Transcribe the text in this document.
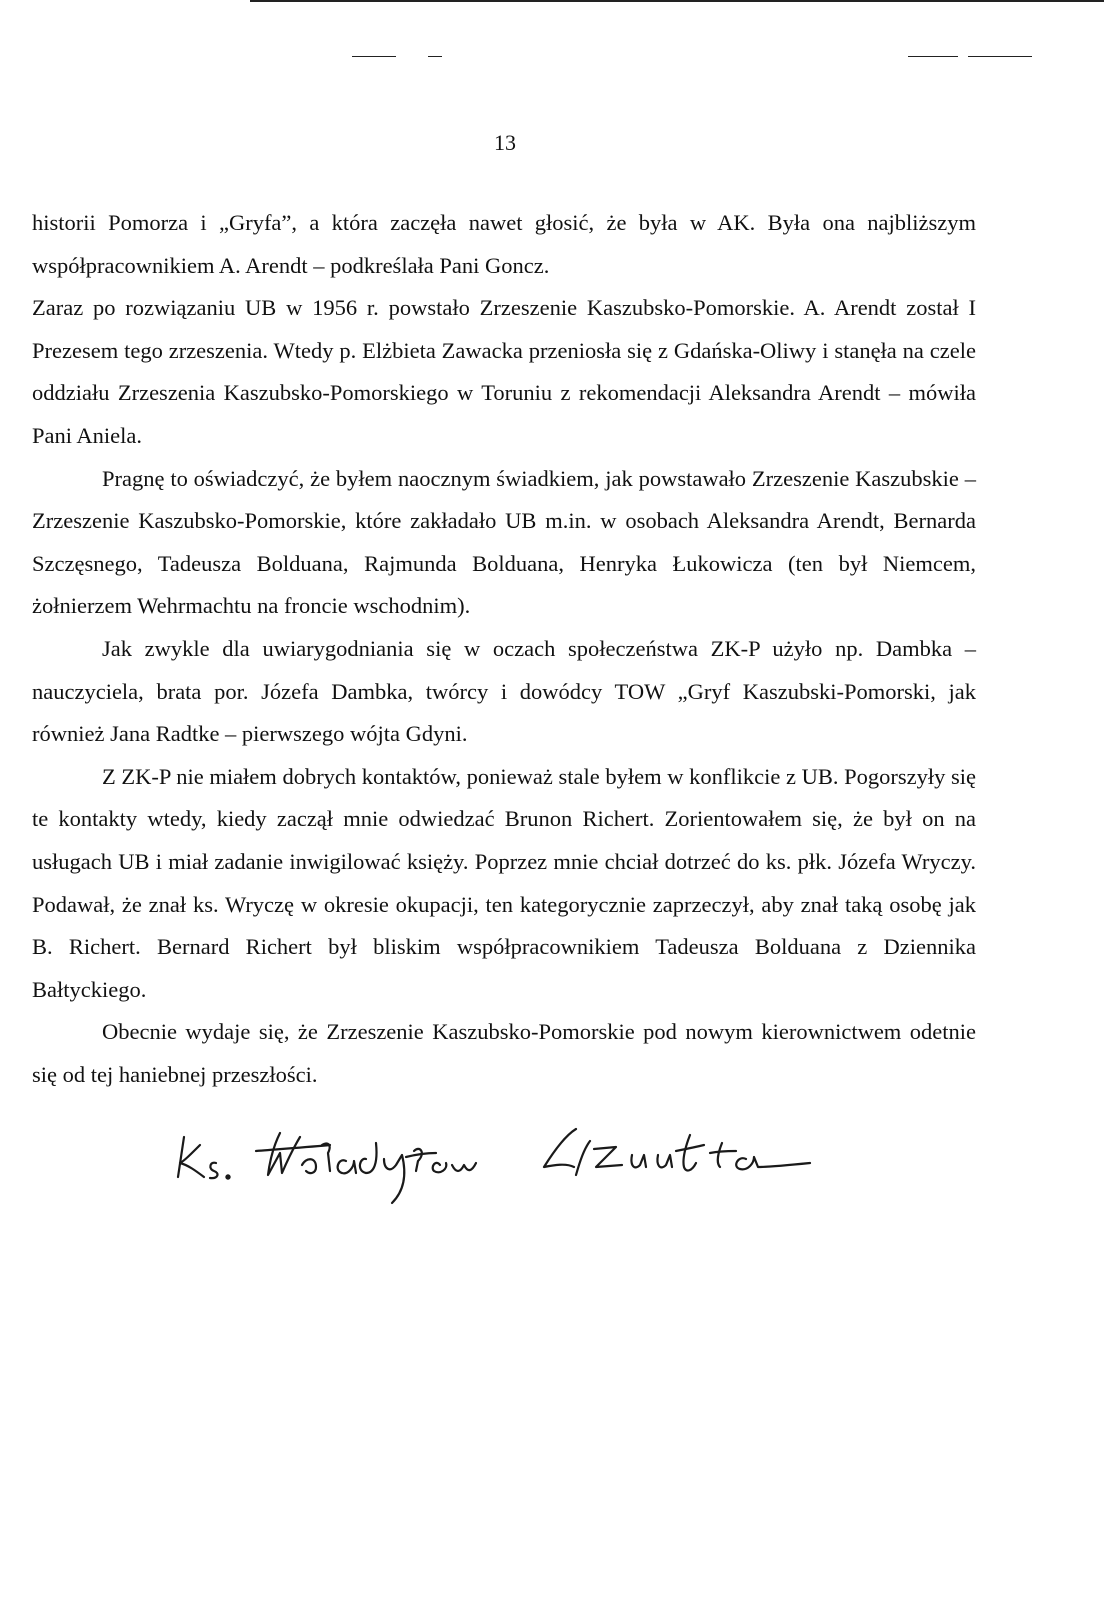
13

historii Pomorza i „Gryfa”, a która zaczęła nawet głosić, że była w AK. Była ona najbliższym współpracownikiem A. Arendt – podkreślała Pani Goncz.

Zaraz po rozwiązaniu UB w 1956 r. powstało Zrzeszenie Kaszubsko-Pomorskie. A. Arendt został I Prezesem tego zrzeszenia. Wtedy p. Elżbieta Zawacka przeniosła się z Gdańska-Oliwy i stanęła na czele oddziału Zrzeszenia Kaszubsko-Pomorskiego w Toruniu z rekomendacji Aleksandra Arendt – mówiła Pani Aniela.

Pragnę to oświadczyć, że byłem naocznym świadkiem, jak powstawało Zrzeszenie Kaszubskie – Zrzeszenie Kaszubsko-Pomorskie, które zakładało UB m.in. w osobach Aleksandra Arendt, Bernarda Szczęsnego, Tadeusza Bolduana, Rajmunda Bolduana, Henryka Łukowicza (ten był Niemcem, żołnierzem Wehrmachtu na froncie wschodnim).

Jak zwykle dla uwiarygodniania się w oczach społeczeństwa ZK-P użyło np. Dambka – nauczyciela, brata por. Józefa Dambka, twórcy i dowódcy TOW „Gryf Kaszubski-Pomorski, jak również Jana Radtke – pierwszego wójta Gdyni.

Z ZK-P nie miałem dobrych kontaktów, ponieważ stale byłem w konflikcie z UB. Pogorszyły się te kontakty wtedy, kiedy zaczął mnie odwiedzać Brunon Richert. Zorientowałem się, że był on na usługach UB i miał zadanie inwigilować księży. Poprzez mnie chciał dotrzeć do ks. płk. Józefa Wryczy. Podawał, że znał ks. Wryczę w okresie okupacji, ten kategorycznie zaprzeczył, aby znał taką osobę jak B. Richert. Bernard Richert był bliskim współpracownikiem Tadeusza Bolduana z Dziennika Bałtyckiego.

Obecnie wydaje się, że Zrzeszenie Kaszubsko-Pomorskie pod nowym kierownictwem odetnie się od tej haniebnej przeszłości.
